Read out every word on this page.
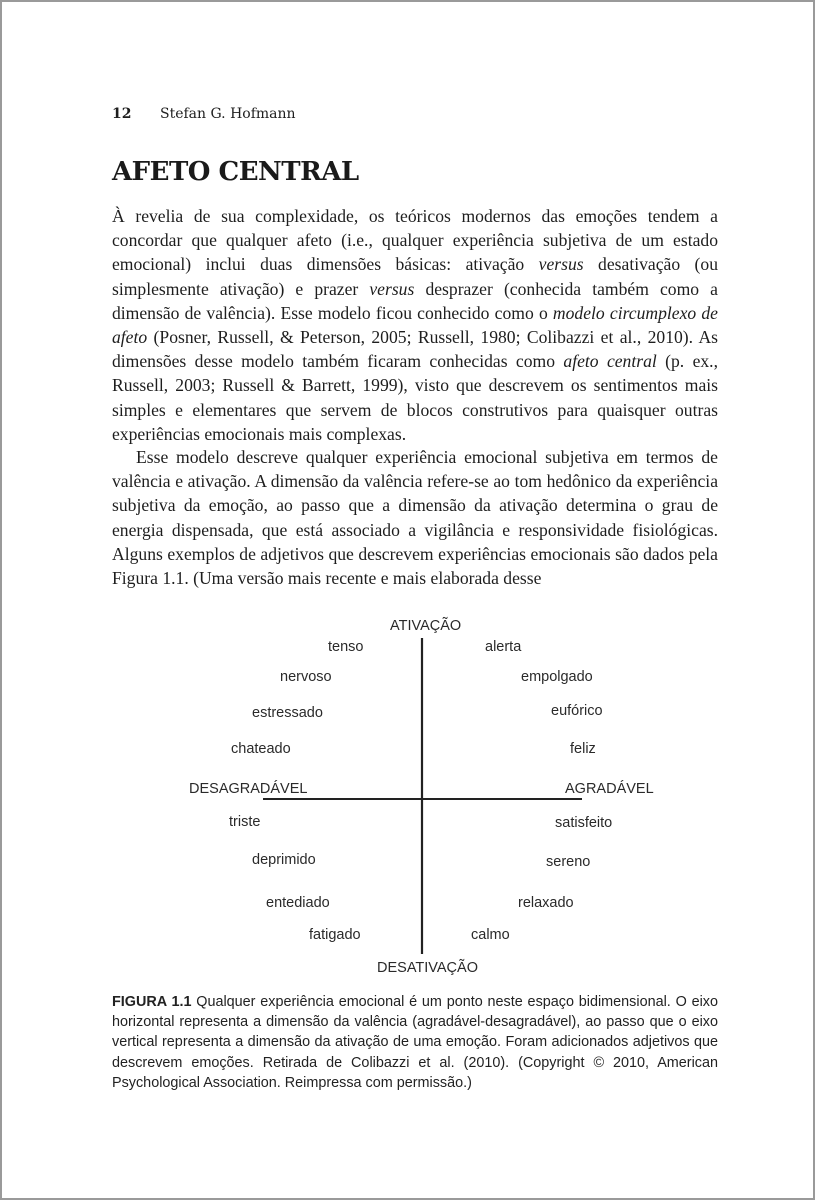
12 Stefan G. Hofmann
AFETO CENTRAL

À revelia de sua complexidade, os teóricos modernos das emoções tendem a concordar que qualquer afeto (i.e., qualquer experiência subjetiva de um estado emocional) inclui duas dimensões básicas: ativação versus desativação (ou simplesmente ativação) e prazer versus desprazer (conhecida também como a dimensão de valência). Esse modelo ficou conhecido como o modelo circumplexo de afeto (Posner, Russell, & Peterson, 2005; Russell, 1980; Colibazzi et al., 2010). As dimensões desse modelo também ficaram conhecidas como afeto central (p. ex., Russell, 2003; Russell & Barrett, 1999), visto que descrevem os sentimentos mais simples e elementares que servem de blocos construtivos para quaisquer outras experiências emocionais mais complexas.

Esse modelo descreve qualquer experiência emocional subjetiva em termos de valência e ativação. A dimensão da valência refere-se ao tom hedônico da experiência subjetiva da emoção, ao passo que a dimensão da ativação determina o grau de energia dispensada, que está associado a vigilância e responsividade fisiológicas. Alguns exemplos de adjetivos que descrevem experiências emocionais são dados pela Figura 1.1. (Uma versão mais recente e mais elaborada desse

ATIVAÇÃO
DESATIVAÇÃO
DESAGRADÁVEL	AGRADÁVEL
tenso
nervoso
estressado
chateado
alerta
empolgado
eufórico
feliz
triste
deprimido
entediado
fatigado
satisfeito
sereno
relaxado
calmo
FIGURA 1.1 Qualquer experiência emocional é um ponto neste espaço bidimensional. O eixo horizontal representa a dimensão da valência (agradável-desagradável), ao passo que o eixo vertical representa a dimensão da ativação de uma emoção. Foram adicionados adjetivos que descrevem emoções. Retirada de Colibazzi et al. (2010). (Copyright © 2010, American Psychological Association. Reimpressa com permissão.)
